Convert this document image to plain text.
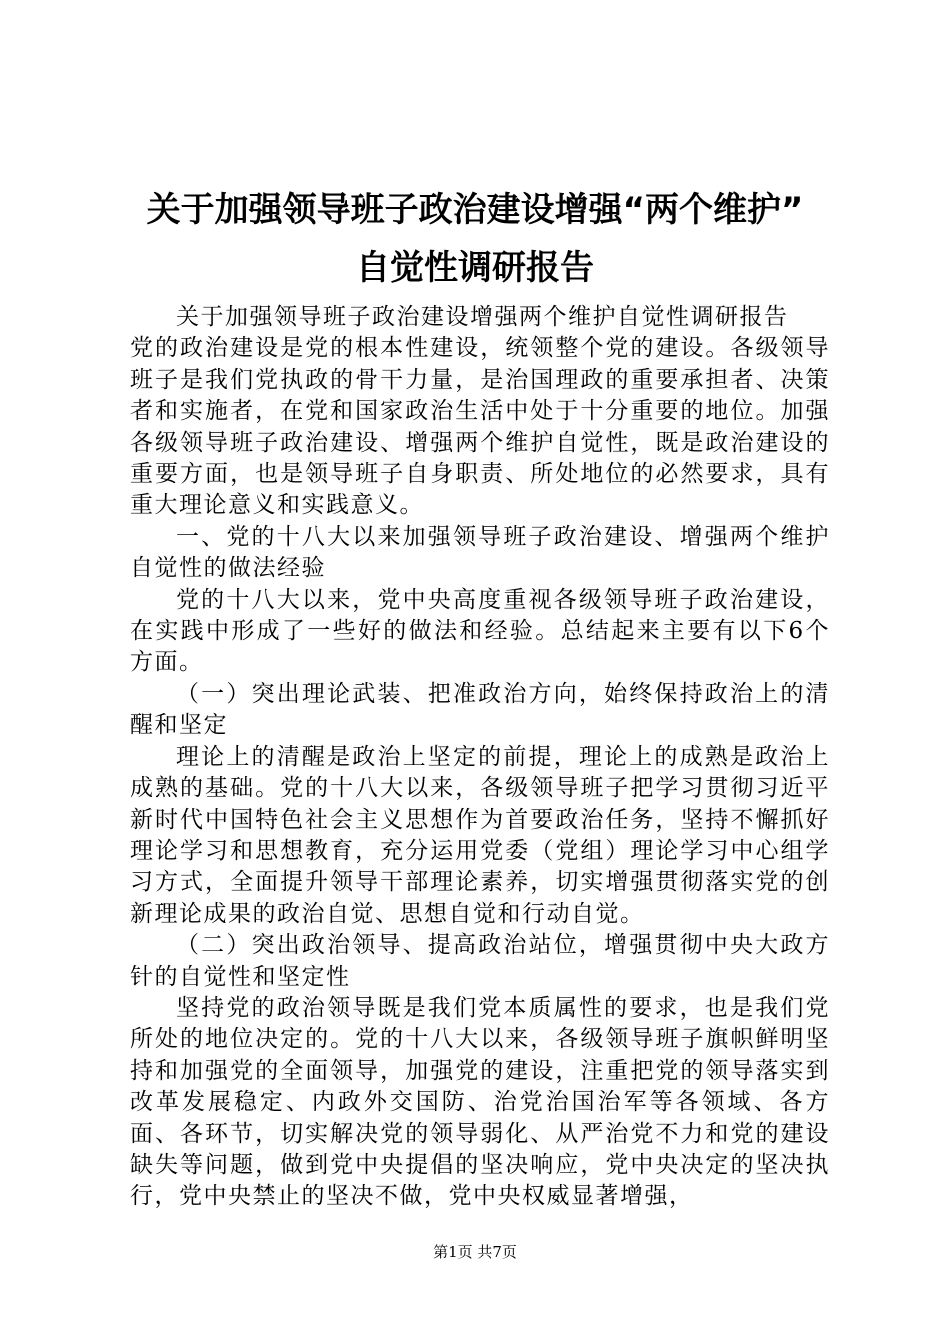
关于加强领导班子政治建设增强“两个维护”
自觉性调研报告

关于加强领导班子政治建设增强两个维护自觉性调研报告

党的政治建设是党的根本性建设，统领整个党的建设。各级领导班子是我们党执政的骨干力量，是治国理政的重要承担者、决策者和实施者，在党和国家政治生活中处于十分重要的地位。加强各级领导班子政治建设、增强两个维护自觉性，既是政治建设的重要方面，也是领导班子自身职责、所处地位的必然要求，具有重大理论意义和实践意义。

一、党的十八大以来加强领导班子政治建设、增强两个维护自觉性的做法经验

党的十八大以来，党中央高度重视各级领导班子政治建设，在实践中形成了一些好的做法和经验。总结起来主要有以下6个方面。

（一）突出理论武装、把准政治方向，始终保持政治上的清醒和坚定

理论上的清醒是政治上坚定的前提，理论上的成熟是政治上成熟的基础。党的十八大以来，各级领导班子把学习贯彻习近平新时代中国特色社会主义思想作为首要政治任务，坚持不懈抓好理论学习和思想教育，充分运用党委（党组）理论学习中心组学习方式，全面提升领导干部理论素养，切实增强贯彻落实党的创新理论成果的政治自觉、思想自觉和行动自觉。

（二）突出政治领导、提高政治站位，增强贯彻中央大政方针的自觉性和坚定性

坚持党的政治领导既是我们党本质属性的要求，也是我们党所处的地位决定的。党的十八大以来，各级领导班子旗帜鲜明坚持和加强党的全面领导，加强党的建设，注重把党的领导落实到改革发展稳定、内政外交国防、治党治国治军等各领域、各方面、各环节，切实解决党的领导弱化、从严治党不力和党的建设缺失等问题，做到党中央提倡的坚决响应，党中央决定的坚决执行，党中央禁止的坚决不做，党中央权威显著增强，

第1页 共7页
